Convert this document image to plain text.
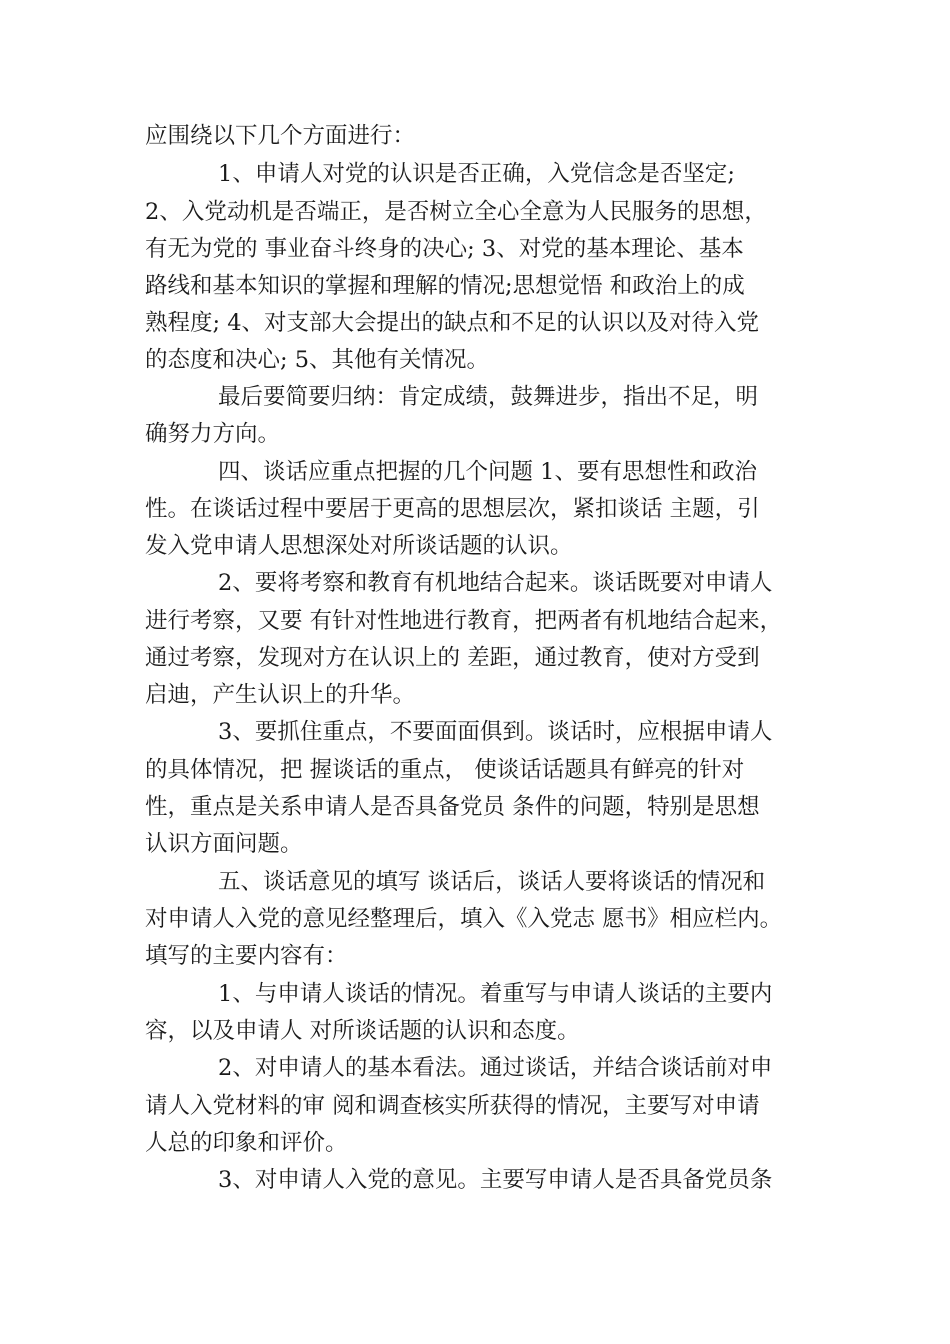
应围绕以下几个方面进行：
1、申请人对党的认识是否正确，入党信念是否坚定;
2、入党动机是否端正，是否树立全心全意为人民服务的思想，
有无为党的 事业奋斗终身的决心; 3、对党的基本理论、基本
路线和基本知识的掌握和理解的情况;思想觉悟 和政治上的成
熟程度; 4、对支部大会提出的缺点和不足的认识以及对待入党
的态度和决心; 5、其他有关情况。
最后要简要归纳：肯定成绩，鼓舞进步，指出不足，明
确努力方向。
四、谈话应重点把握的几个问题 1、要有思想性和政治
性。在谈话过程中要居于更高的思想层次，紧扣谈话 主题，引
发入党申请人思想深处对所谈话题的认识。
2、要将考察和教育有机地结合起来。谈话既要对申请人
进行考察，又要 有针对性地进行教育，把两者有机地结合起来，
通过考察，发现对方在认识上的 差距，通过教育，使对方受到
启迪，产生认识上的升华。
3、要抓住重点，不要面面俱到。谈话时，应根据申请人
的具体情况，把 握谈话的重点， 使谈话话题具有鲜亮的针对
性，重点是关系申请人是否具备党员 条件的问题，特别是思想
认识方面问题。
五、谈话意见的填写 谈话后，谈话人要将谈话的情况和
对申请人入党的意见经整理后，填入《入党志 愿书》相应栏内。
填写的主要内容有：
1、与申请人谈话的情况。着重写与申请人谈话的主要内
容，以及申请人 对所谈话题的认识和态度。
2、对申请人的基本看法。通过谈话，并结合谈话前对申
请人入党材料的审 阅和调查核实所获得的情况，主要写对申请
人总的印象和评价。
3、对申请人入党的意见。主要写申请人是否具备党员条
